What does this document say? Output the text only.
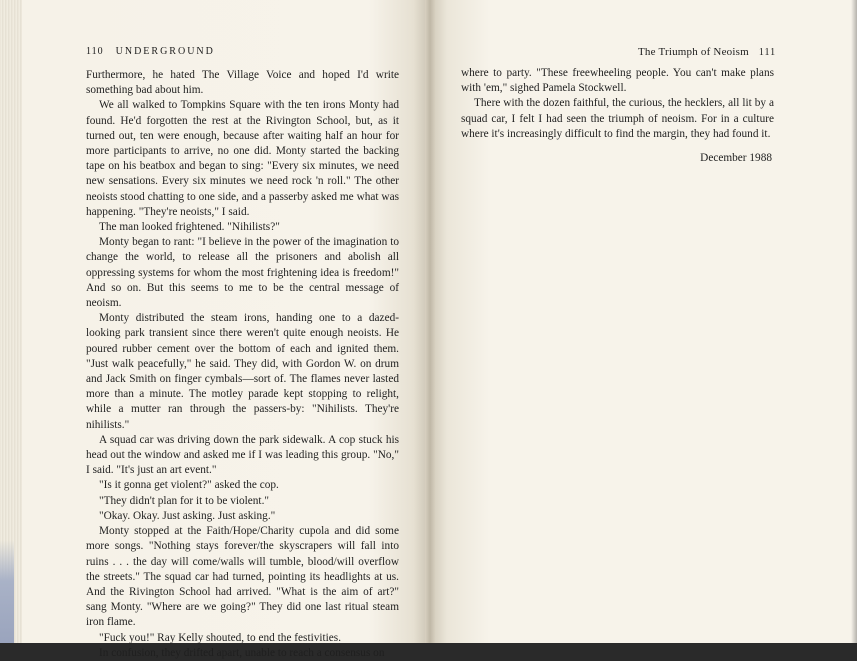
110 UNDERGROUND	The Triumph of Neoism 111

Furthermore, he hated The Village Voice and hoped I'd write something bad about him.

We all walked to Tompkins Square with the ten irons Monty had found. He'd forgotten the rest at the Rivington School, but, as it turned out, ten were enough, because after waiting half an hour for more participants to arrive, no one did. Monty started the backing tape on his beatbox and began to sing: "Every six minutes, we need new sensations. Every six minutes we need rock 'n roll." The other neoists stood chatting to one side, and a passerby asked me what was happening. "They're neoists," I said.

The man looked frightened. "Nihilists?"

Monty began to rant: "I believe in the power of the imagination to change the world, to release all the prisoners and abolish all oppressing systems for whom the most frightening idea is freedom!" And so on. But this seems to me to be the central message of neoism.

Monty distributed the steam irons, handing one to a dazed-looking park transient since there weren't quite enough neoists. He poured rubber cement over the bottom of each and ignited them. "Just walk peacefully," he said. They did, with Gordon W. on drum and Jack Smith on finger cymbals—sort of. The flames never lasted more than a minute. The motley parade kept stopping to relight, while a mutter ran through the passers-by: "Nihilists. They're nihilists."

A squad car was driving down the park sidewalk. A cop stuck his head out the window and asked me if I was leading this group. "No," I said. "It's just an art event."

"Is it gonna get violent?" asked the cop.

"They didn't plan for it to be violent."

"Okay. Okay. Just asking. Just asking."

Monty stopped at the Faith/Hope/Charity cupola and did some more songs. "Nothing stays forever/the skyscrapers will fall into ruins . . . the day will come/walls will tumble, blood/will overflow the streets." The squad car had turned, pointing its headlights at us. And the Rivington School had arrived. "What is the aim of art?" sang Monty. "Where are we going?" They did one last ritual steam iron flame.

"Fuck you!" Ray Kelly shouted, to end the festivities.

In confusion, they drifted apart, unable to reach a consensus on

where to party. "These freewheeling people. You can't make plans with 'em," sighed Pamela Stockwell.

There with the dozen faithful, the curious, the hecklers, all lit by a squad car, I felt I had seen the triumph of neoism. For in a culture where it's increasingly difficult to find the margin, they had found it.

December 1988
